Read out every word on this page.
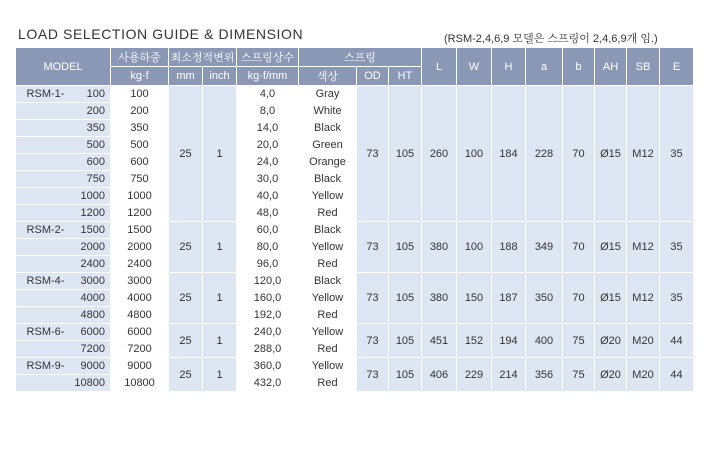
LOAD SELECTION GUIDE & DIMENSION	(RSM-2,4,6,9 모델은 스프링이 2,4,6,9개 임.)
MODEL	사용하중	최소정적변위		스프링상수	스프링			L	W	H	a	b	AH	SB	E
	kg·f	mm	inch	kg·f/mm	색상	OD	HT								
RSM-1- 100	100	25	1	4,0	Gray	73	105	260	100	184	228	70	Ø15	M12	35
200	200			8,0	White										
350	350			14,0	Black										
500	500			20,0	Green										
600	600			24,0	Orange										
750	750			30,0	Black										
1000	1000			40,0	Yellow										
1200	1200			48,0	Red										
RSM-2- 1500	1500	25	1	60,0	Black	73	105	380	100	188	349	70	Ø15	M12	35
2000	2000			80,0	Yellow										
2400	2400			96,0	Red										
RSM-4- 3000	3000	25	1	120,0	Black	73	105	380	150	187	350	70	Ø15	M12	35
4000	4000			160,0	Yellow										
4800	4800			192,0	Red										
RSM-6- 6000	6000	25	1	240,0	Yellow	73	105	451	152	194	400	75	Ø20	M20	44
7200	7200			288,0	Red										
RSM-9- 9000	9000	25	1	360,0	Yellow	73	105	406	229	214	356	75	Ø20	M20	44
10800	10800			432,0	Red										
